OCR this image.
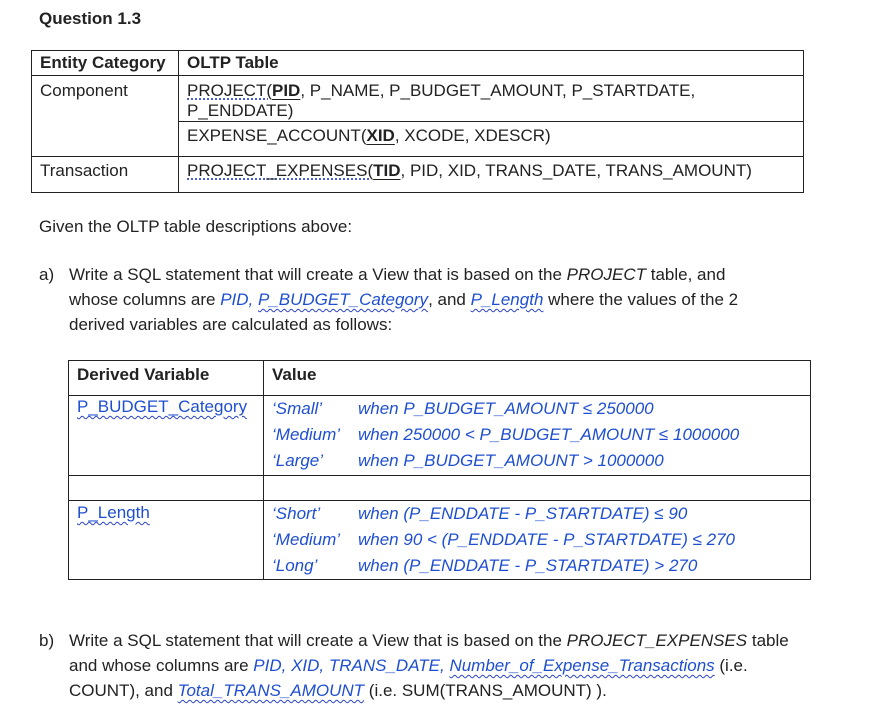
Question 1.3
Entity Category	OLTP Table
Component	PROJECT(PID, P_NAME, P_BUDGET_AMOUNT, P_STARTDATE, P_ENDDATE)
	EXPENSE_ACCOUNT(XID, XCODE, XDESCR)
Transaction	PROJECT_EXPENSES(TID, PID, XID, TRANS_DATE, TRANS_AMOUNT)
Given the OLTP table descriptions above:
a) Write a SQL statement that will create a View that is based on the PROJECT table, and
whose columns are PID, P_BUDGET_Category, and P_Length where the values of the 2
derived variables are calculated as follows:
Derived Variable	Value
P_BUDGET_Category	‘Small’ when P_BUDGET_AMOUNT ≤ 250000
‘Medium’ when 250000 < P_BUDGET_AMOUNT ≤ 1000000
‘Large’ when P_BUDGET_AMOUNT > 1000000

P_Length	‘Short’ when (P_ENDDATE - P_STARTDATE) ≤ 90
‘Medium’ when 90 < (P_ENDDATE - P_STARTDATE) ≤ 270
‘Long’ when (P_ENDDATE - P_STARTDATE) > 270
b) Write a SQL statement that will create a View that is based on the PROJECT_EXPENSES table
and whose columns are PID, XID, TRANS_DATE, Number_of_Expense_Transactions (i.e.
COUNT), and Total_TRANS_AMOUNT (i.e. SUM(TRANS_AMOUNT) ).
